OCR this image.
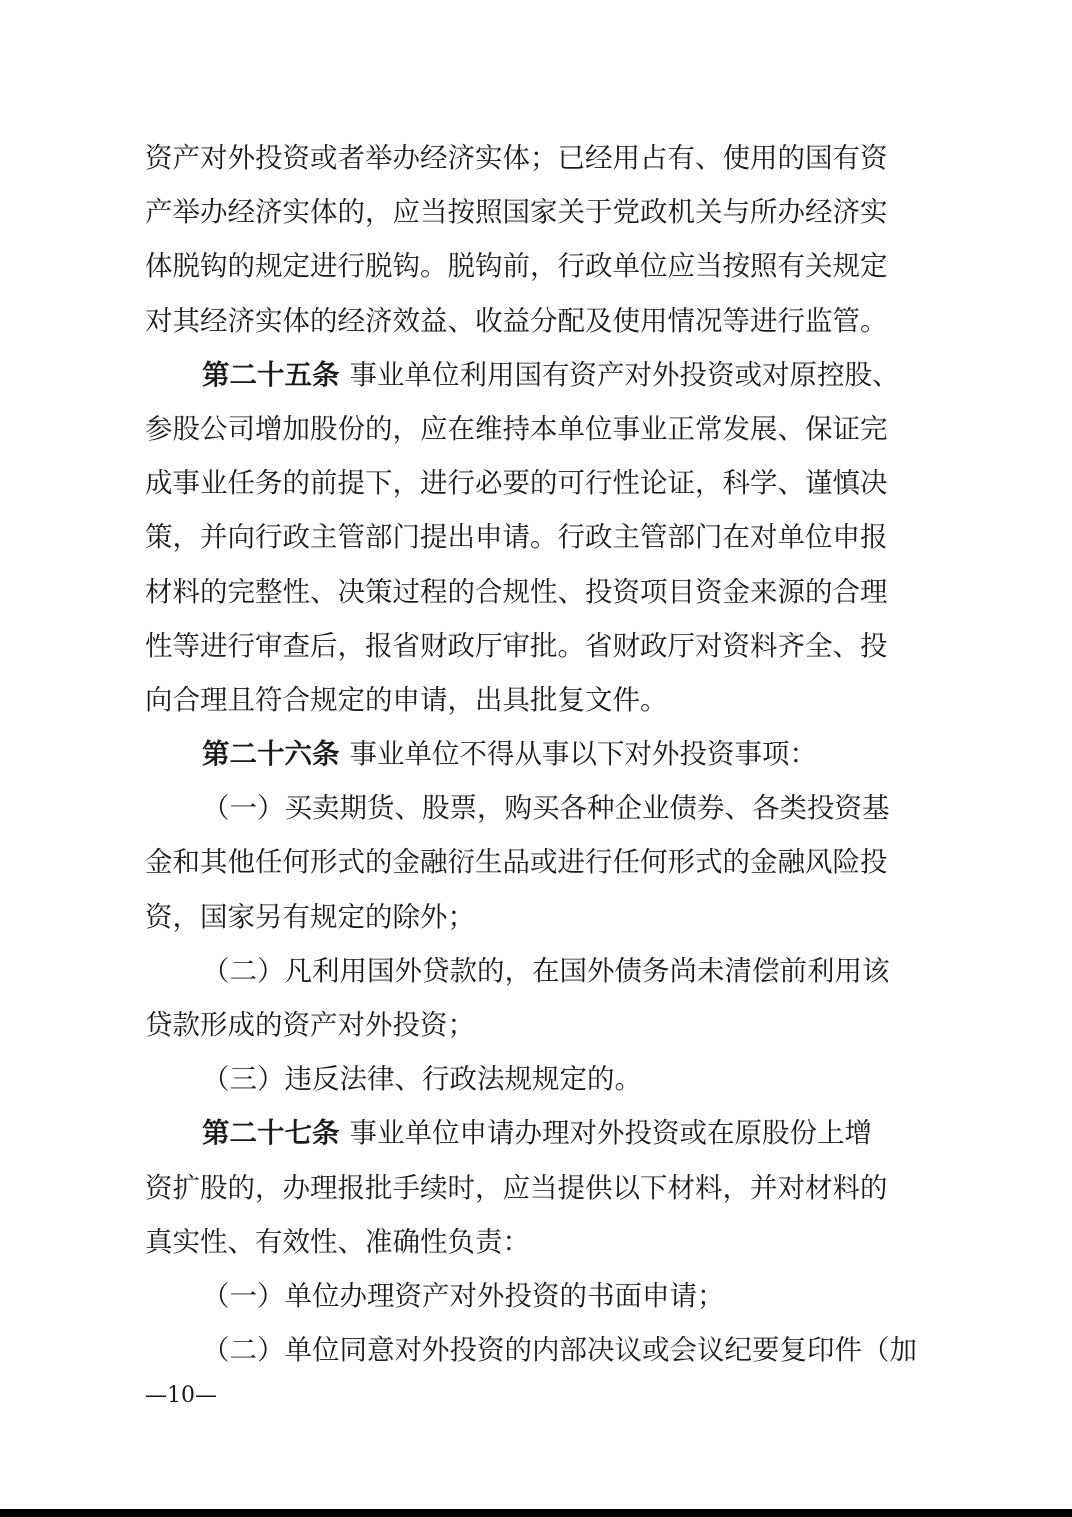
资产对外投资或者举办经济实体；已经用占有、使用的国有资
产举办经济实体的，应当按照国家关于党政机关与所办经济实
体脱钩的规定进行脱钩。脱钩前，行政单位应当按照有关规定
对其经济实体的经济效益、收益分配及使用情况等进行监管。
第二十五条 事业单位利用国有资产对外投资或对原控股、
参股公司增加股份的，应在维持本单位事业正常发展、保证完
成事业任务的前提下，进行必要的可行性论证，科学、谨慎决
策，并向行政主管部门提出申请。行政主管部门在对单位申报
材料的完整性、决策过程的合规性、投资项目资金来源的合理
性等进行审查后，报省财政厅审批。省财政厅对资料齐全、投
向合理且符合规定的申请，出具批复文件。
第二十六条 事业单位不得从事以下对外投资事项：
（一）买卖期货、股票，购买各种企业债券、各类投资基
金和其他任何形式的金融衍生品或进行任何形式的金融风险投
资，国家另有规定的除外；
（二）凡利用国外贷款的，在国外债务尚未清偿前利用该
贷款形成的资产对外投资；
（三）违反法律、行政法规规定的。
第二十七条 事业单位申请办理对外投资或在原股份上增
资扩股的，办理报批手续时，应当提供以下材料，并对材料的
真实性、有效性、准确性负责：
（一）单位办理资产对外投资的书面申请；
（二）单位同意对外投资的内部决议或会议纪要复印件（加
—10—
